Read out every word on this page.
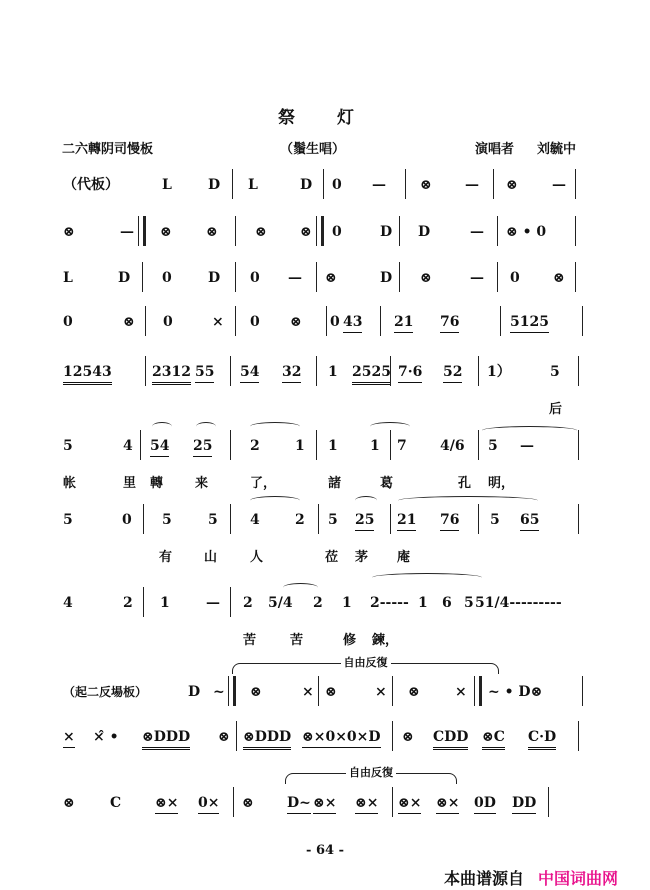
祭 灯
二六轉阴司慢板	（鬚生唱）	演唱者 刘毓中
（代板）	L	D L	D 0 — ⊗ — ⊗ —
⊗	— ⊗ ⊗	⊗ ⊗ 0	D D	— ⊗ • 0
L	D 0	D 0 — ⊗	D ⊗	— 0 ⊗
0	⊗ 0	× 0 ⊗ 0 43 21 76	5125
12543	2312 55 54 32 1 2525 7·6 52 1）	5
后
5	4 54 25	2	1 1 1 7 4/6 5 —
帐	里 轉 来	了，	諸	葛	孔 明，
5	0 5	5 4	2 5 25 21 76 5 65
有 山	人	莅 茅 庵
4	2 1	— 2 5/4 2 1 2----- 1 6 5 51/4---------
苦	苦	修 鍊，
自由反復
（起二反場板）	D ~ ⊗	× ⊗	× ⊗	× ~ • D⊗
× ×̂ • ⊗DDD ⊗ ⊗DDD ⊗×0×0×D ⊗ CDD ⊗C C·D
自由反復
⊗	C ⊗× 0× ⊗ D~ ⊗× ⊗× ⊗× ⊗× 0D DD
- 64 -
本曲谱源自 中国词曲网
